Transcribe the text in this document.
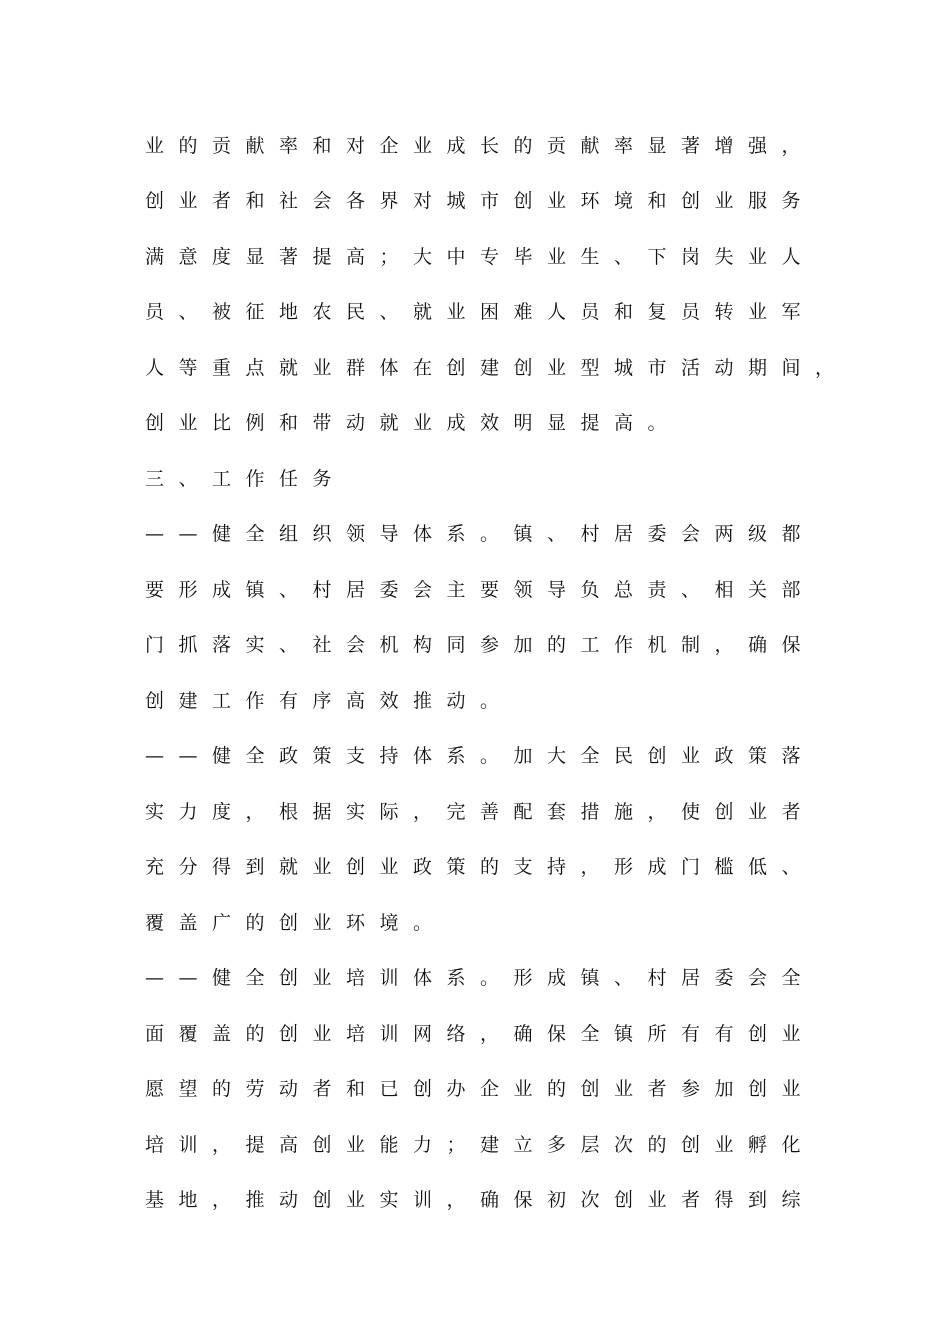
业的贡献率和对企业成长的贡献率显著增强，
创业者和社会各界对城市创业环境和创业服务
满意度显著提高；大中专毕业生、下岗失业人
员、被征地农民、就业困难人员和复员转业军
人等重点就业群体在创建创业型城市活动期间，
创业比例和带动就业成效明显提高。
三、工作任务
——健全组织领导体系。镇、村居委会两级都
要形成镇、村居委会主要领导负总责、相关部
门抓落实、社会机构同参加的工作机制，确保
创建工作有序高效推动。
——健全政策支持体系。加大全民创业政策落
实力度，根据实际，完善配套措施，使创业者
充分得到就业创业政策的支持，形成门槛低、
覆盖广的创业环境。
——健全创业培训体系。形成镇、村居委会全
面覆盖的创业培训网络，确保全镇所有有创业
愿望的劳动者和已创办企业的创业者参加创业
培训，提高创业能力；建立多层次的创业孵化
基地，推动创业实训，确保初次创业者得到综
